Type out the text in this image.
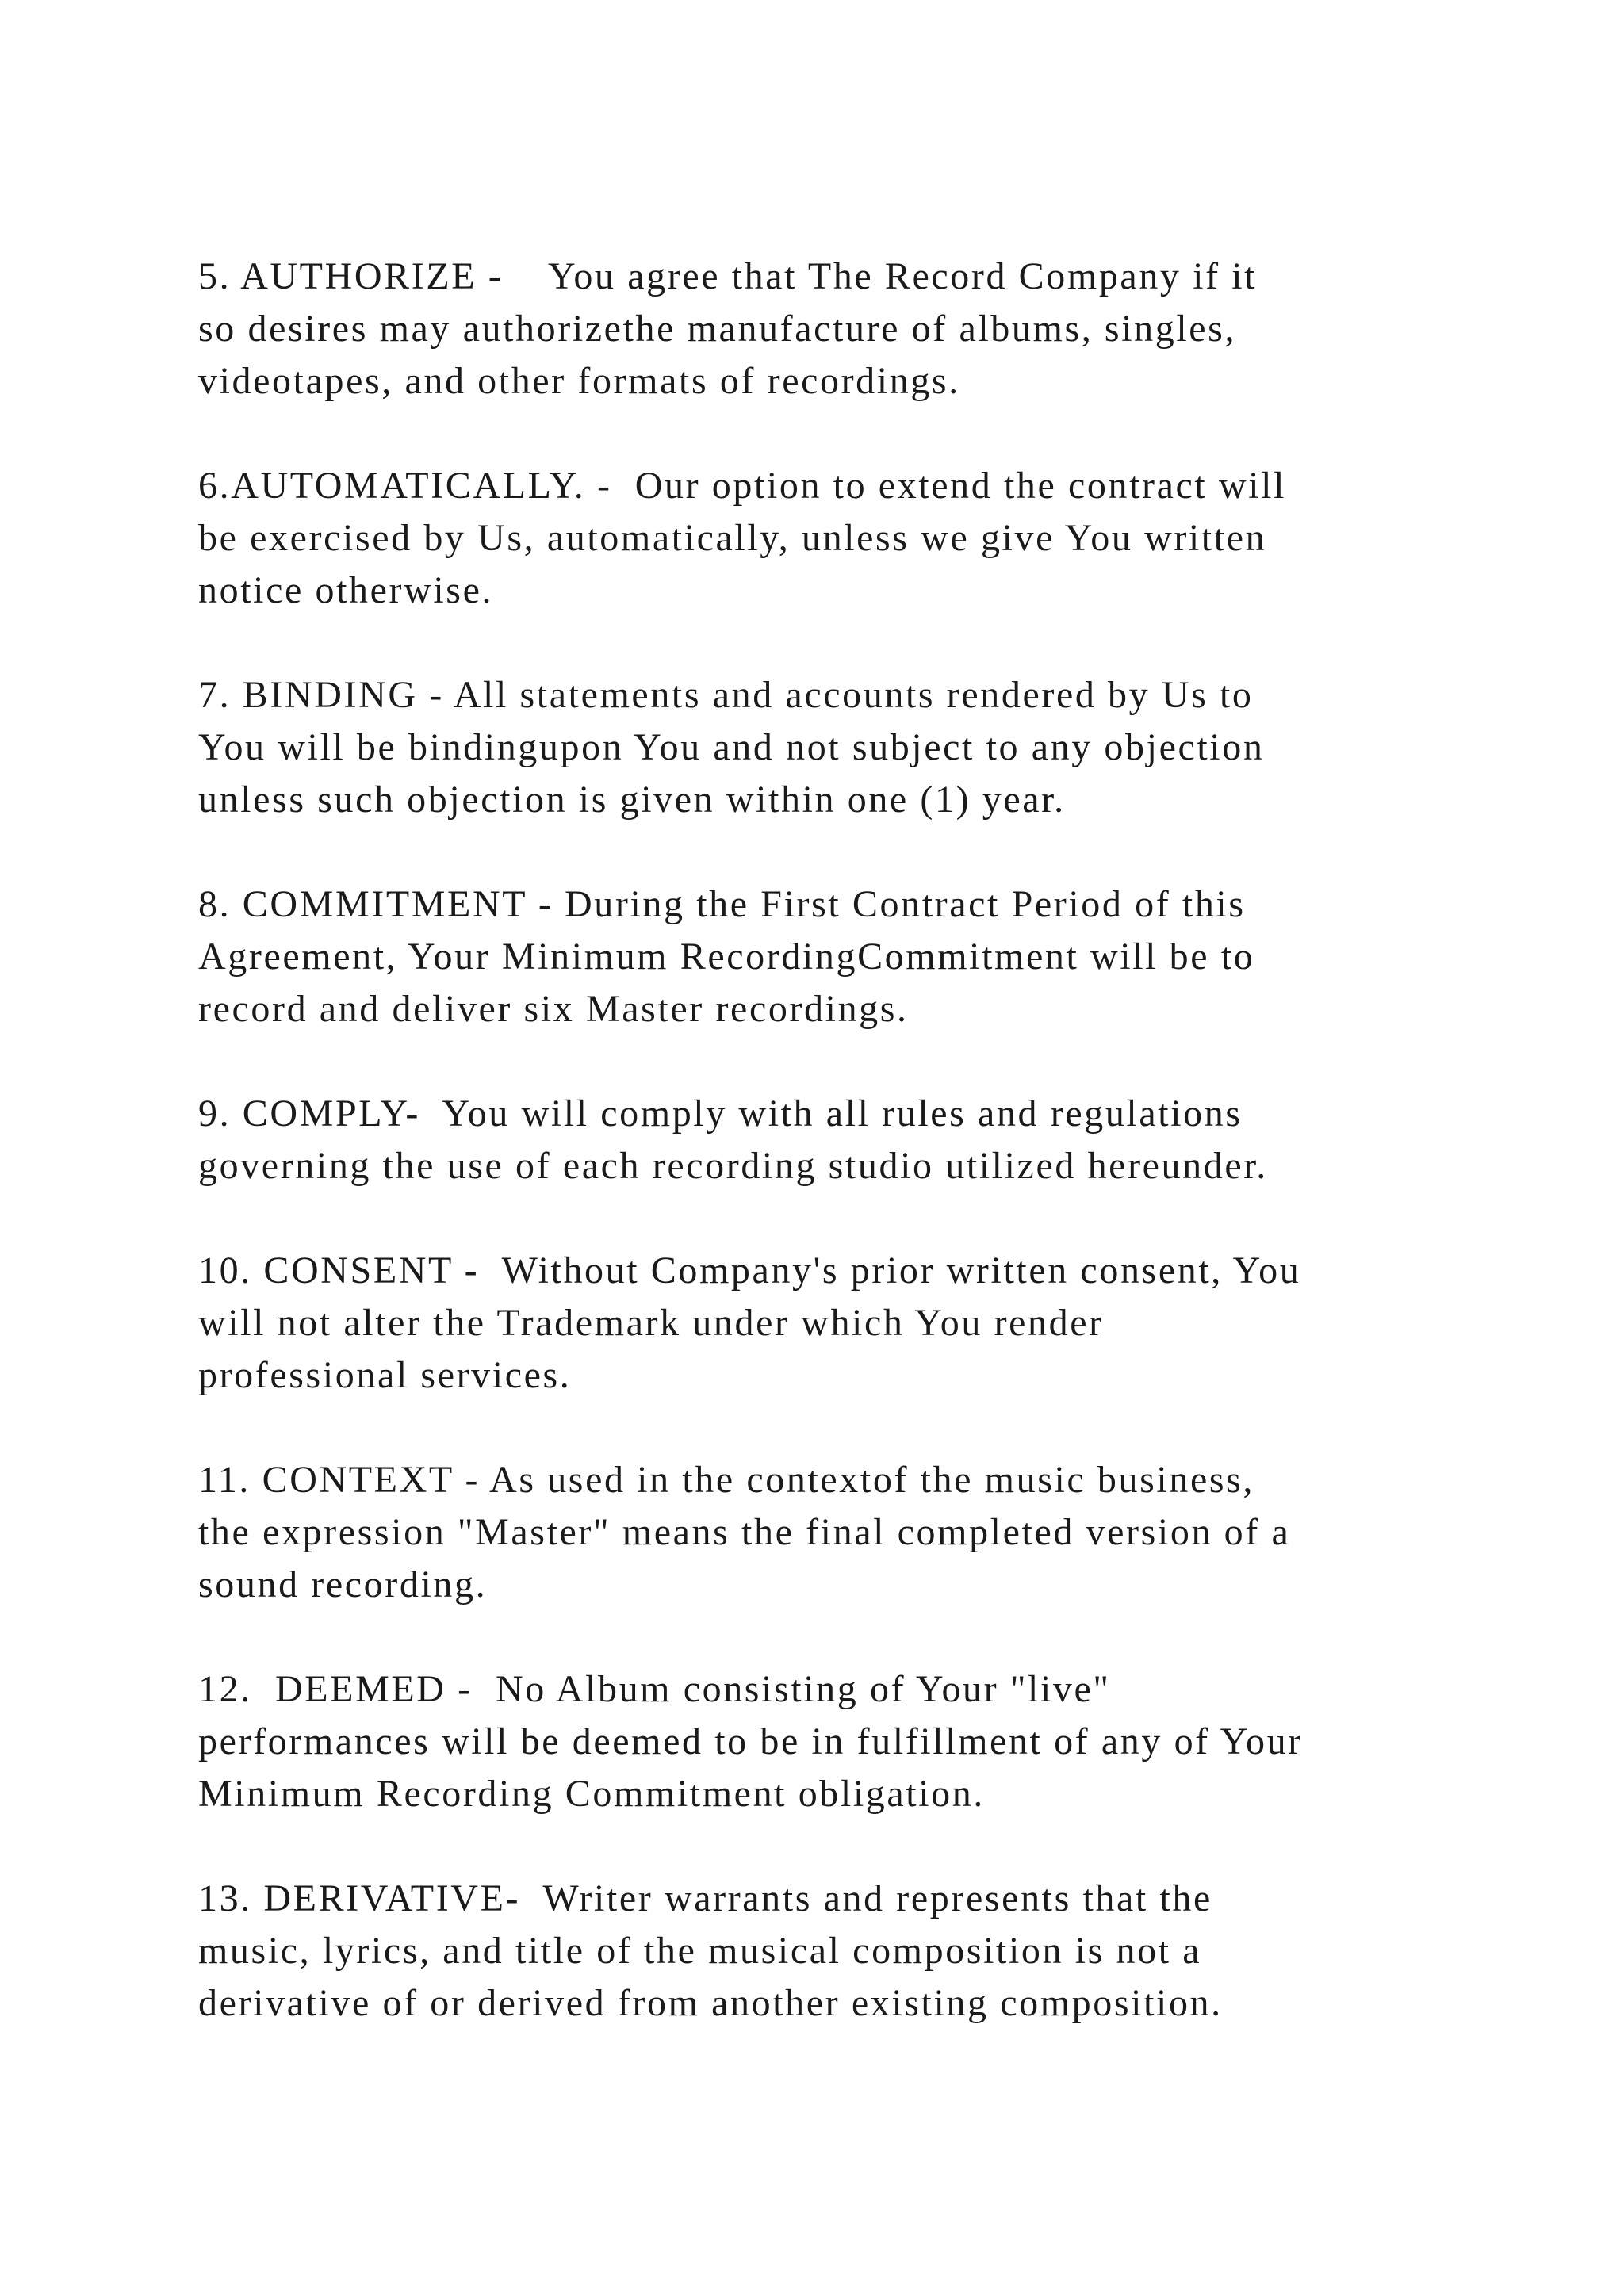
5. AUTHORIZE -    You agree that The Record Company if it
so desires may authorizethe manufacture of albums, singles,
videotapes, and other formats of recordings.
6.AUTOMATICALLY. -  Our option to extend the contract will
be exercised by Us, automatically, unless we give You written
notice otherwise.
7. BINDING - All statements and accounts rendered by Us to
You will be bindingupon You and not subject to any objection
unless such objection is given within one (1) year.
8. COMMITMENT - During the First Contract Period of this
Agreement, Your Minimum RecordingCommitment will be to
record and deliver six Master recordings.
9. COMPLY-  You will comply with all rules and regulations
governing the use of each recording studio utilized hereunder.
10. CONSENT -  Without Company's prior written consent, You
will not alter the Trademark under which You render
professional services.
11. CONTEXT - As used in the contextof the music business,
the expression "Master" means the final completed version of a
sound recording.
12.  DEEMED -  No Album consisting of Your "live"
performances will be deemed to be in fulfillment of any of Your
Minimum Recording Commitment obligation.
13. DERIVATIVE-  Writer warrants and represents that the
music, lyrics, and title of the musical composition is not a
derivative of or derived from another existing composition.
